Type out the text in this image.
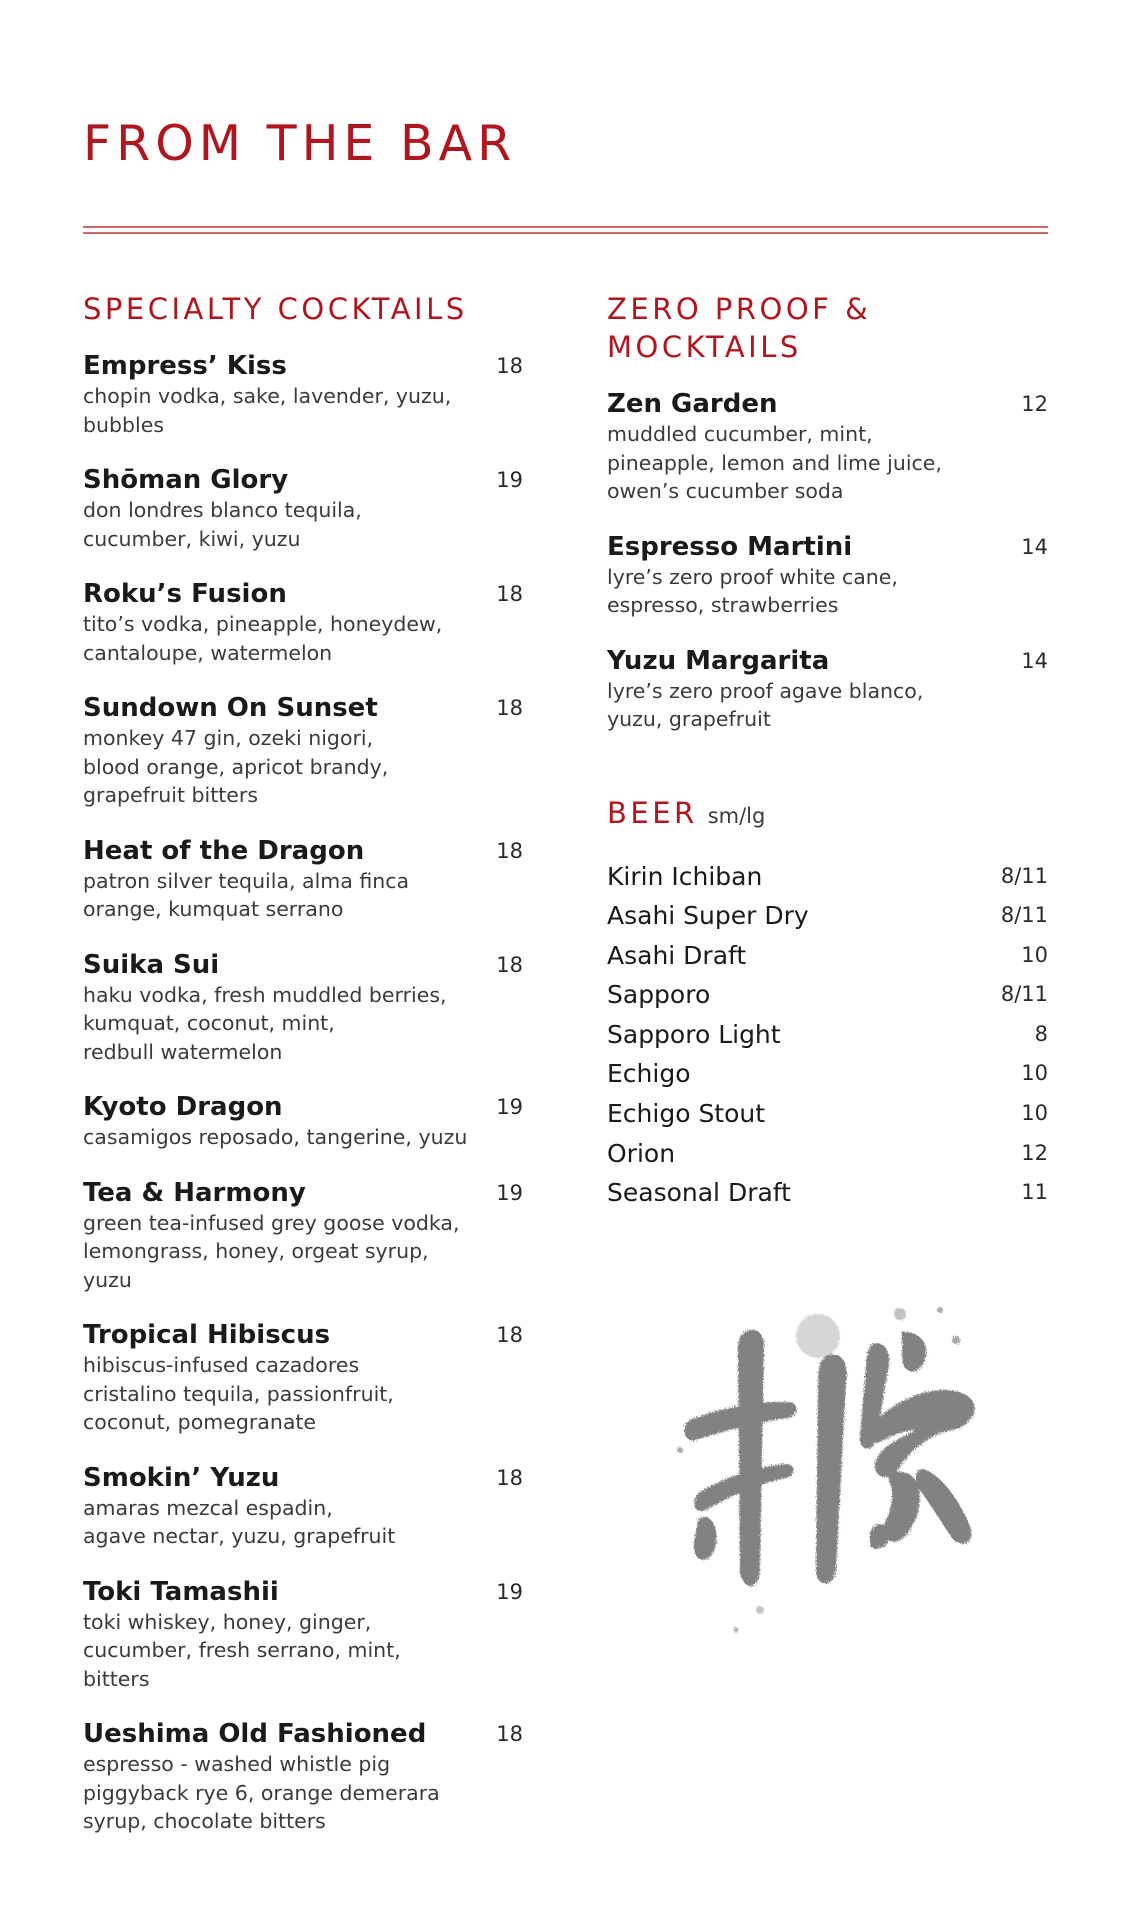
FROM THE BAR
SPECIALTY COCKTAILS
Empress’ Kiss	18
chopin vodka, sake, lavender, yuzu,
bubbles
Shōman Glory	19
don londres blanco tequila,
cucumber, kiwi, yuzu
Roku’s Fusion	18
tito’s vodka, pineapple, honeydew,
cantaloupe, watermelon
Sundown On Sunset	18
monkey 47 gin, ozeki nigori,
blood orange, apricot brandy,
grapefruit bitters
Heat of the Dragon	18
patron silver tequila, alma finca
orange, kumquat serrano
Suika Sui	18
haku vodka, fresh muddled berries,
kumquat, coconut, mint,
redbull watermelon
Kyoto Dragon	19
casamigos reposado, tangerine, yuzu
Tea & Harmony	19
green tea-infused grey goose vodka,
lemongrass, honey, orgeat syrup,
yuzu
Tropical Hibiscus	18
hibiscus-infused cazadores
cristalino tequila, passionfruit,
coconut, pomegranate
Smokin’ Yuzu	18
amaras mezcal espadin,
agave nectar, yuzu, grapefruit
Toki Tamashii	19
toki whiskey, honey, ginger,
cucumber, fresh serrano, mint,
bitters
Ueshima Old Fashioned	18
espresso - washed whistle pig
piggyback rye 6, orange demerara
syrup, chocolate bitters
ZERO PROOF &
MOCKTAILS
Zen Garden	12
muddled cucumber, mint,
pineapple, lemon and lime juice,
owen’s cucumber soda
Espresso Martini	14
lyre’s zero proof white cane,
espresso, strawberries
Yuzu Margarita	14
lyre’s zero proof agave blanco,
yuzu, grapefruit
BEER sm/lg
Kirin Ichiban	8/11
Asahi Super Dry	8/11
Asahi Draft	10
Sapporo	8/11
Sapporo Light	8
Echigo	10
Echigo Stout	10
Orion	12
Seasonal Draft	11
